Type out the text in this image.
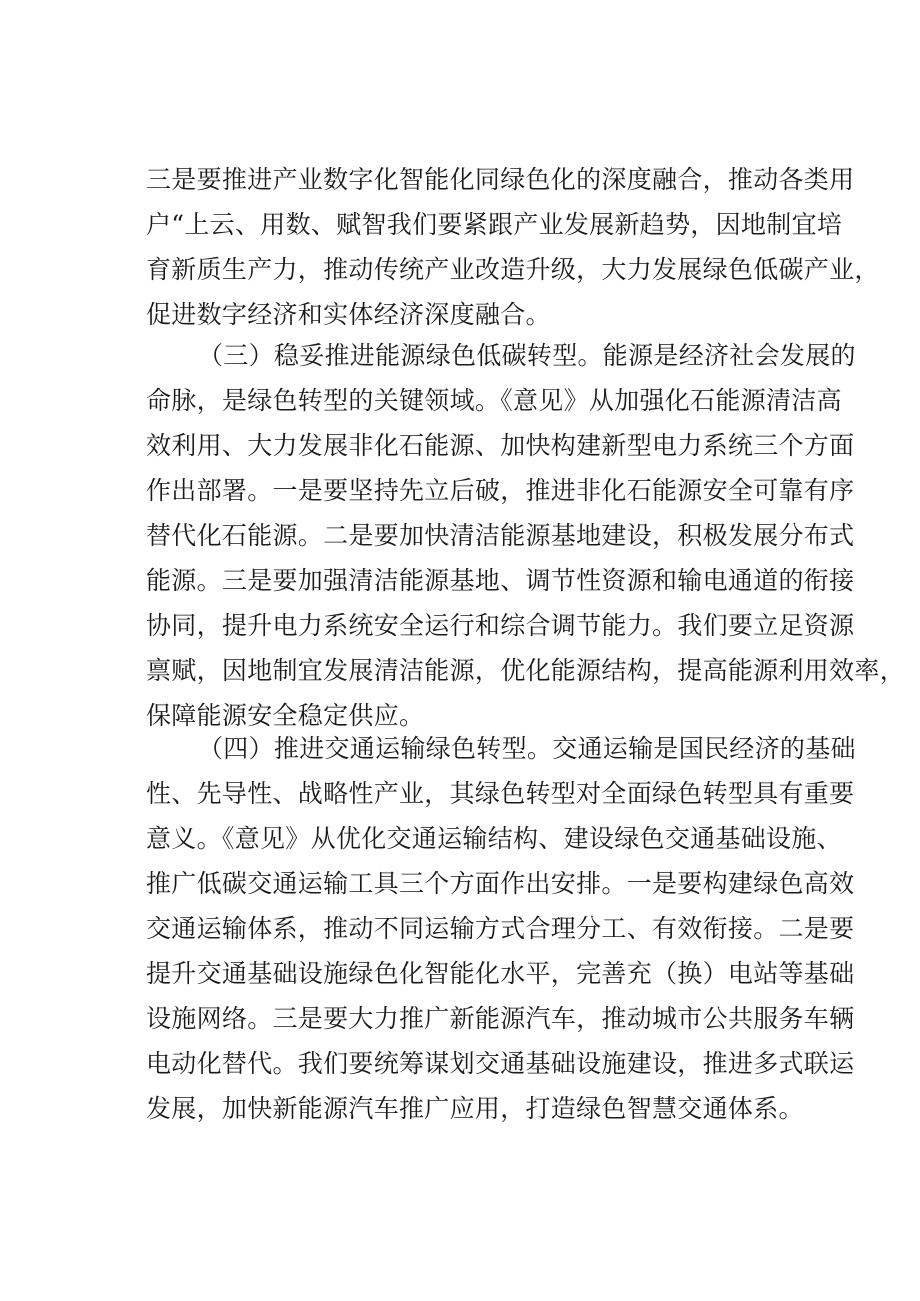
三是要推进产业数字化智能化同绿色化的深度融合，推动各类用
户“上云、用数、赋智我们要紧跟产业发展新趋势，因地制宜培
育新质生产力，推动传统产业改造升级，大力发展绿色低碳产业，
促进数字经济和实体经济深度融合。
（三）稳妥推进能源绿色低碳转型。能源是经济社会发展的
命脉，是绿色转型的关键领域。《意见》从加强化石能源清洁高
效利用、大力发展非化石能源、加快构建新型电力系统三个方面
作出部署。一是要坚持先立后破，推进非化石能源安全可靠有序
替代化石能源。二是要加快清洁能源基地建设，积极发展分布式
能源。三是要加强清洁能源基地、调节性资源和输电通道的衔接
协同，提升电力系统安全运行和综合调节能力。我们要立足资源
禀赋，因地制宜发展清洁能源，优化能源结构，提高能源利用效率，
保障能源安全稳定供应。
（四）推进交通运输绿色转型。交通运输是国民经济的基础
性、先导性、战略性产业，其绿色转型对全面绿色转型具有重要
意义。《意见》从优化交通运输结构、建设绿色交通基础设施、
推广低碳交通运输工具三个方面作出安排。一是要构建绿色高效
交通运输体系，推动不同运输方式合理分工、有效衔接。二是要
提升交通基础设施绿色化智能化水平，完善充（换）电站等基础
设施网络。三是要大力推广新能源汽车，推动城市公共服务车辆
电动化替代。我们要统筹谋划交通基础设施建设，推进多式联运
发展，加快新能源汽车推广应用，打造绿色智慧交通体系。
